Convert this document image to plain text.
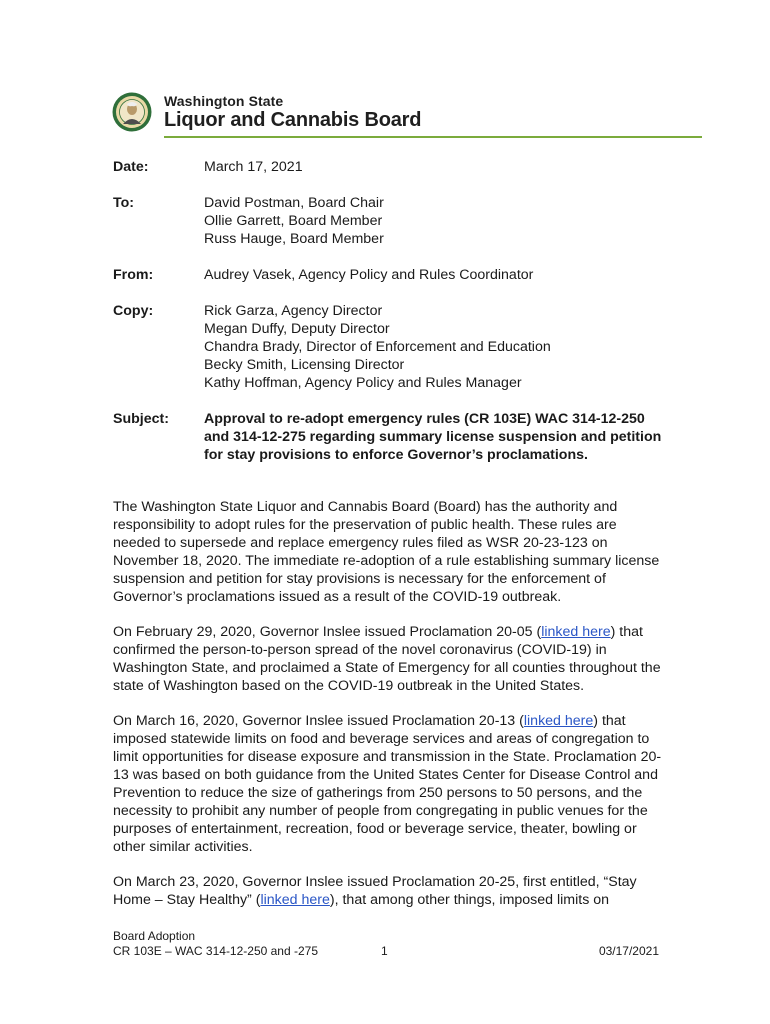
Washington State
Liquor and Cannabis Board
Date:	March 17, 2021
To:	David Postman, Board Chair
Ollie Garrett, Board Member
Russ Hauge, Board Member
From:	Audrey Vasek, Agency Policy and Rules Coordinator
Copy:	Rick Garza, Agency Director
Megan Duffy, Deputy Director
Chandra Brady, Director of Enforcement and Education
Becky Smith, Licensing Director
Kathy Hoffman, Agency Policy and Rules Manager
Subject: Approval to re-adopt emergency rules (CR 103E) WAC 314-12-250
and 314-12-275 regarding summary license suspension and petition
for stay provisions to enforce Governor’s proclamations.
The Washington State Liquor and Cannabis Board (Board) has the authority and
responsibility to adopt rules for the preservation of public health. These rules are
needed to supersede and replace emergency rules filed as WSR 20-23-123 on
November 18, 2020. The immediate re-adoption of a rule establishing summary license
suspension and petition for stay provisions is necessary for the enforcement of
Governor’s proclamations issued as a result of the COVID-19 outbreak.
On February 29, 2020, Governor Inslee issued Proclamation 20-05 (linked here) that
confirmed the person-to-person spread of the novel coronavirus (COVID-19) in
Washington State, and proclaimed a State of Emergency for all counties throughout the
state of Washington based on the COVID-19 outbreak in the United States.
On March 16, 2020, Governor Inslee issued Proclamation 20-13 (linked here) that
imposed statewide limits on food and beverage services and areas of congregation to
limit opportunities for disease exposure and transmission in the State. Proclamation 20-
13 was based on both guidance from the United States Center for Disease Control and
Prevention to reduce the size of gatherings from 250 persons to 50 persons, and the
necessity to prohibit any number of people from congregating in public venues for the
purposes of entertainment, recreation, food or beverage service, theater, bowling or
other similar activities.
On March 23, 2020, Governor Inslee issued Proclamation 20-25, first entitled, “Stay
Home – Stay Healthy” (linked here), that among other things, imposed limits on
Board Adoption
CR 103E – WAC 314-12-250 and -275	1	03/17/2021
